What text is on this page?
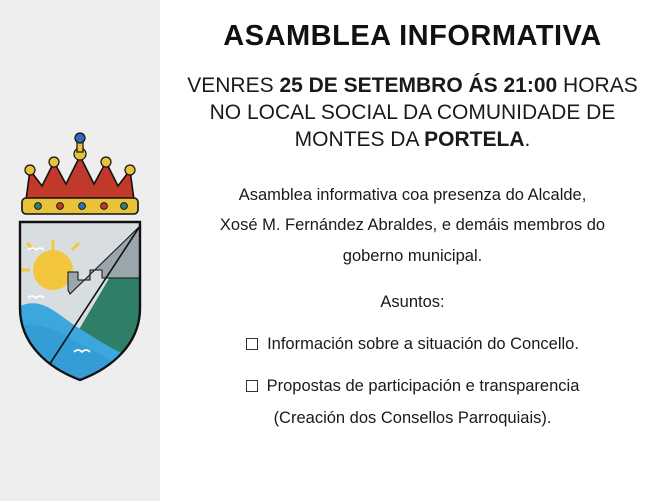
ASAMBLEA INFORMATIVA
VENRES 25 DE SETEMBRO ÁS 21:00 HORAS
NO LOCAL SOCIAL DA COMUNIDADE DE
MONTES DA PORTELA.
Asamblea informativa coa presenza do Alcalde,
Xosé M. Fernández Abraldes, e demáis membros do
goberno municipal.
Asuntos:
Información sobre a situación do Concello.
Propostas de participación e transparencia
(Creación dos Consellos Parroquiais).
